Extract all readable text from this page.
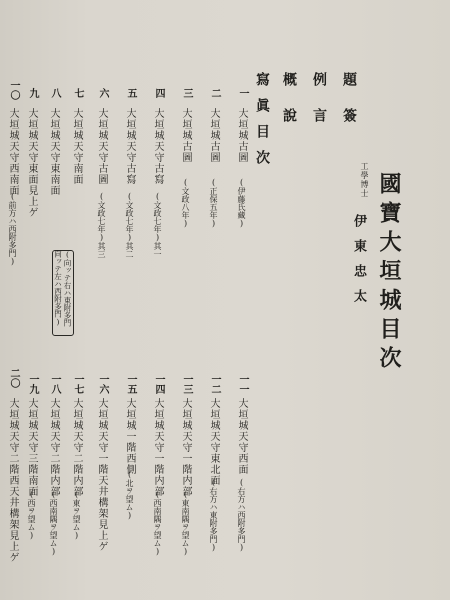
國寶大垣城目次
題簽
工學博士
伊東忠太
例言
概說
寫眞目次
一
大垣城古圖
(伊藤氏藏)
二
大垣城古圖
(正保五年)
三
大垣城古圖
(文政八年)
四
大垣城天守古寫
(文政七年)其一
五
大垣城天守古寫
(文政七年)其二
六
大垣城天守古圖
(文政七年)其三
七
大垣城天守南面
八
大垣城天守東南面
(向ッテ右ハ東附多門
向ッテ左ハ西附多門)
九
大垣城天守東面見上ゲ
一〇
大垣城天守西南面
(前方ハ西附多門)
一一
大垣城天守西面
(右方ハ西附多門)
一二
大垣城天守東北面
(右方ハ東附多門)
一三
大垣城天守一階内部
(東南隅ヲ望ム)
一四
大垣城天守一階内部
(西南隅ヲ望ム)
一五
大垣城一階西側
(北ヲ望ム)
一六
大垣城天守一階天井構架見上ゲ
一七
大垣城天守二階内部
(東ヲ望ム)
一八
大垣城天守二階内部
(西南隅ヲ望ム)
一九
大垣城天守三階南面
(西ヲ望ム)
二〇
大垣城天守二階西天井構架見上ゲ
